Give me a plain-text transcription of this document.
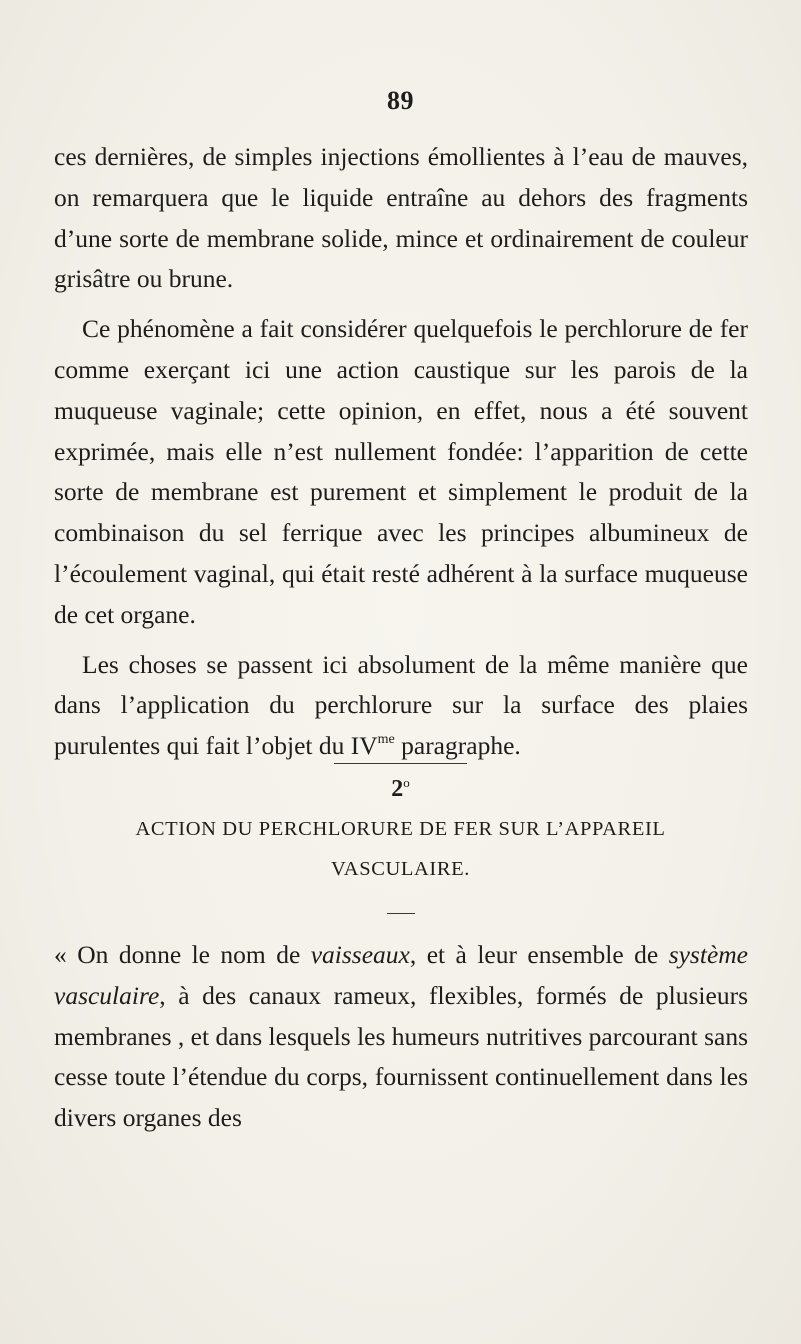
89

ces dernières, de simples injections émollientes à l’eau de mauves, on remarquera que le liquide entraîne au dehors des fragments d’une sorte de membrane solide, mince et ordinairement de couleur grisâtre ou brune.

Ce phénomène a fait considérer quelquefois le perchlorure de fer comme exerçant ici une action caustique sur les parois de la muqueuse vaginale; cette opinion, en effet, nous a été souvent exprimée, mais elle n’est nullement fondée: l’apparition de cette sorte de membrane est purement et simplement le produit de la combinaison du sel ferrique avec les principes albumineux de l’écoulement vaginal, qui était resté adhérent à la surface muqueuse de cet organe.

Les choses se passent ici absolument de la même manière que dans l’application du perchlorure sur la surface des plaies purulentes qui fait l’objet du $IV^{me}$ paragraphe.

2$^o$
ACTION DU PERCHLORURE DE FER SUR L’APPAREIL
VASCULAIRE.

« On donne le nom de vaisseaux, et à leur ensemble de système vasculaire, à des canaux rameux, flexibles, formés de plusieurs membranes , et dans lesquels les humeurs nutritives parcourant sans cesse toute l’étendue du corps, fournissent continuellement dans les divers organes des
